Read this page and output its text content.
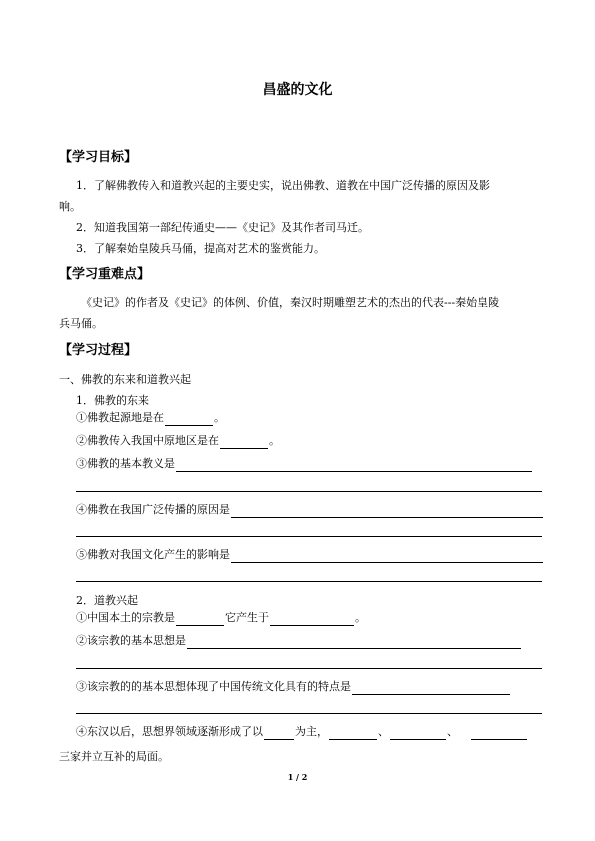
昌盛的文化
【学习目标】
1．了解佛教传入和道教兴起的主要史实，说出佛教、道教在中国广泛传播的原因及影
响。
2．知道我国第一部纪传通史——《史记》及其作者司马迁。
3．了解秦始皇陵兵马俑，提高对艺术的鉴赏能力。
【学习重难点】
《史记》的作者及《史记》的体例、价值，秦汉时期雕塑艺术的杰出的代表---秦始皇陵
兵马俑。
【学习过程】
一、佛教的东来和道教兴起
1．佛教的东来
①佛教起源地是在	。
②佛教传入我国中原地区是在	。
③佛教的基本教义是
④佛教在我国广泛传播的原因是
⑤佛教对我国文化产生的影响是
2．道教兴起
①中国本土的宗教是	它产生于	。
②该宗教的基本思想是
③该宗教的的基本思想体现了中国传统文化具有的特点是
④东汉以后，思想界领域逐渐形成了以	为主，	、	、
三家并立互补的局面。
1 / 2
